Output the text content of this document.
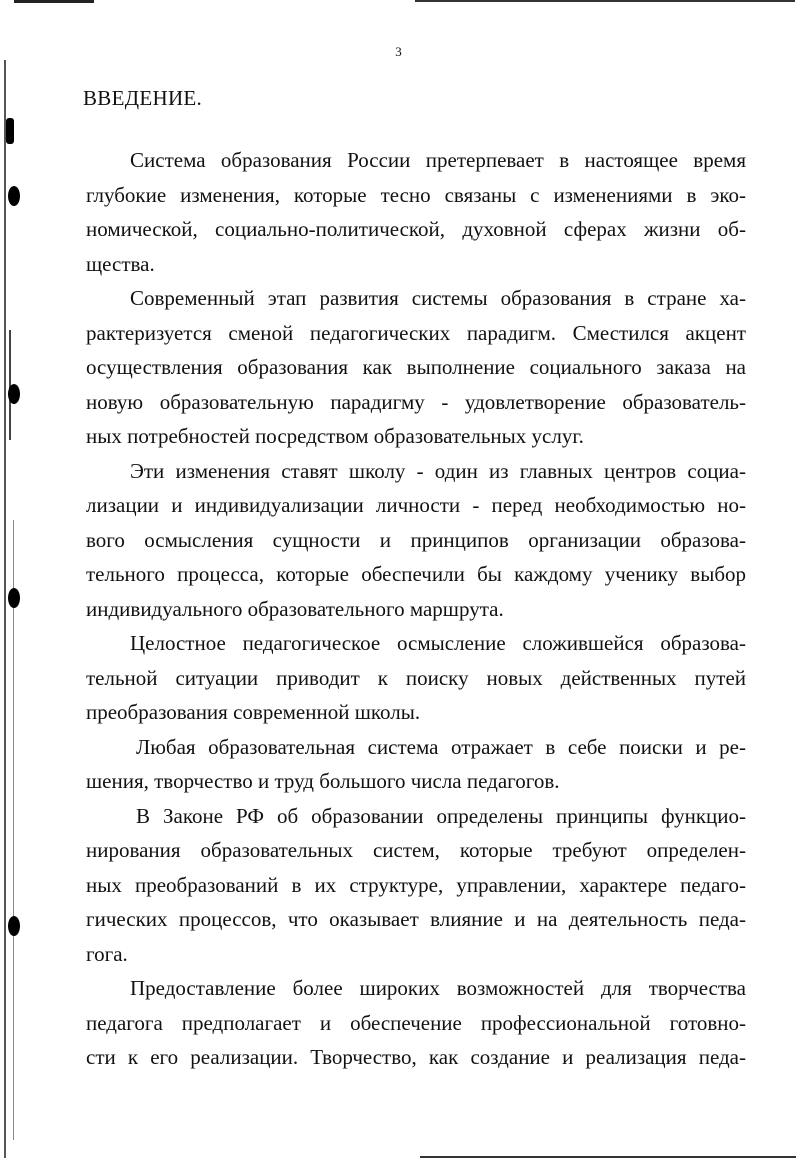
3
ВВЕДЕНИЕ.
Система образования России претерпевает в настоящее время
глубокие изменения, которые тесно связаны с изменениями в эко-
номической, социально-политической, духовной сферах жизни об-
щества.
Современный этап развития системы образования в стране ха-
рактеризуется сменой педагогических парадигм. Сместился акцент
осуществления образования как выполнение социального заказа на
новую образовательную парадигму - удовлетворение образователь-
ных потребностей посредством образовательных услуг.
Эти изменения ставят школу - один из главных центров социа-
лизации и индивидуализации личности - перед необходимостью но-
вого осмысления сущности и принципов организации образова-
тельного процесса, которые обеспечили бы каждому ученику выбор
индивидуального образовательного маршрута.
Целостное педагогическое осмысление сложившейся образова-
тельной ситуации приводит к поиску новых действенных путей
преобразования современной школы.
Любая образовательная система отражает в себе поиски и ре-
шения, творчество и труд большого числа педагогов.
В Законе РФ об образовании определены принципы функцио-
нирования образовательных систем, которые требуют определен-
ных преобразований в их структуре, управлении, характере педаго-
гических процессов, что оказывает влияние и на деятельность педа-
гога.
Предоставление более широких возможностей для творчества
педагога предполагает и обеспечение профессиональной готовно-
сти к его реализации. Творчество, как создание и реализация педа-
